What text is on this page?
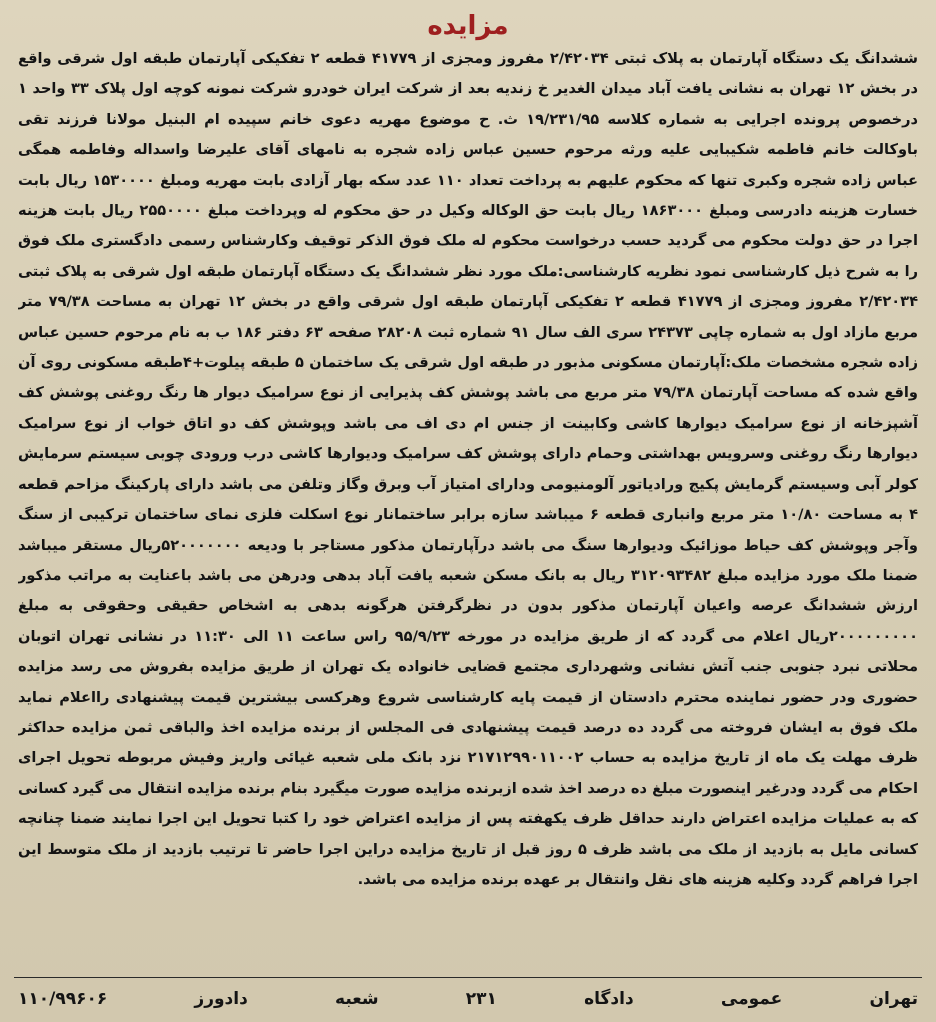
مزایده

ششدانگ یک دستگاه آپارتمان به پلاک ثبتی ۲/۴۲۰۳۴ مفروز ومجزی از ۴۱۷۷۹ قطعه ۲ تفکیکی آپارتمان طبقه اول شرقی واقع در بخش ۱۲ تهران به نشانی یافت آباد میدان الغدیر خ زندیه بعد از شرکت ایران خودرو شرکت نمونه کوچه اول پلاک ۳۳ واحد ۱ درخصوص پرونده اجرایی به شماره کلاسه ۱۹/۲۳۱/۹۵ ث. ح موضوع مهریه دعوی خانم سپیده ام البنیل مولانا فرزند تقی باوکالت خانم فاطمه شکیبایی علیه ورثه مرحوم حسین عباس زاده شجره به نامهای آقای علیرضا واسداله وفاطمه همگی عباس زاده شجره وکبری تنها که محکوم علیهم به پرداخت تعداد ۱۱۰ عدد سکه بهار آزادی بابت مهریه ومبلغ ۱۵۳۰۰۰۰ ریال بابت خسارت هزینه دادرسی ومبلغ ۱۸۶۳۰۰۰ ریال بابت حق الوکاله وکیل در حق محکوم له وپرداخت مبلغ ۲۵۵۰۰۰۰ ریال بابت هزینه اجرا در حق دولت محکوم می گردید حسب درخواست محکوم له ملک فوق الذکر توقیف وکارشناس رسمی دادگستری ملک فوق را به شرح ذیل کارشناسی نمود نظریه کارشناسی:ملک مورد نظر ششدانگ یک دستگاه آپارتمان طبقه اول شرقی به پلاک ثبتی ۲/۴۲۰۳۴ مفروز ومجزی از ۴۱۷۷۹ قطعه ۲ تفکیکی آپارتمان طبقه اول شرقی واقع در بخش ۱۲ تهران به مساحت ۷۹/۳۸ متر مربع مازاد اول به شماره چاپی ۲۴۳۷۳ سری الف سال ۹۱ شماره ثبت ۲۸۲۰۸ صفحه ۶۳ دفتر ۱۸۶ ب به نام مرحوم حسین عباس زاده شجره مشخصات ملک:آپارتمان مسکونی مذبور در طبقه اول شرقی یک ساختمان ۵ طبقه پیلوت+۴طبقه مسکونی روی آن واقع شده که مساحت آپارتمان ۷۹/۳۸ متر مربع می باشد پوشش کف پذیرایی از نوع سرامیک دیوار ها رنگ روغنی پوشش کف آشپزخانه از نوع سرامیک دیوارها کاشی وکابینت از جنس ام دی اف می باشد وپوشش کف دو اتاق خواب از نوع سرامیک دیوارها رنگ روغنی وسرویس بهداشتی وحمام دارای پوشش کف سرامیک ودیوارها کاشی درب ورودی چوبی سیستم سرمایش کولر آبی وسیستم گرمایش پکیج ورادیاتور آلومنیومی ودارای امتیاز آب وبرق وگاز وتلفن می باشد دارای پارکینگ مزاحم قطعه ۴ به مساحت ۱۰/۸۰ متر مربع وانباری قطعه ۶ میباشد سازه برابر ساختمانار نوع اسکلت فلزی نمای ساختمان ترکیبی از سنگ وآجر وپوشش کف حیاط موزائیک ودیوارها سنگ می باشد درآپارتمان مذکور مستاجر با ودیعه ۵۲۰۰۰۰۰۰۰ریال مستقر میباشد ضمنا ملک مورد مزایده مبلغ ۳۱۲۰۹۳۴۸۲ ریال به بانک مسکن شعبه یافت آباد بدهی ودرهن می باشد باعنایت به مراتب مذکور ارزش ششدانگ عرصه واعیان آپارتمان مذکور بدون در نظرگرفتن هرگونه بدهی به اشخاص حقیقی وحقوقی به مبلغ ۲۰۰۰۰۰۰۰۰۰ریال اعلام می گردد که از طریق مزایده در مورخه ۹۵/۹/۲۳ راس ساعت ۱۱ الی ۱۱:۳۰ در نشانی تهران اتوبان محلاتی نبرد جنوبی جنب آتش نشانی وشهرداری مجتمع قضایی خانواده یک تهران از طریق مزایده بفروش می رسد مزایده حضوری ودر حضور نماینده محترم دادستان از قیمت پایه کارشناسی شروع وهرکسی بیشترین قیمت پیشنهادی رااعلام نماید ملک فوق به ایشان فروخته می گردد ده درصد قیمت پیشنهادی فی المجلس از برنده مزایده اخذ والباقی ثمن مزایده حداکثر ظرف مهلت یک ماه از تاریخ مزایده به حساب ۲۱۷۱۲۹۹۰۱۱۰۰۲ نزد بانک ملی شعبه غیائی واریز وفیش مربوطه تحویل اجرای احکام می گردد ودرغیر اینصورت مبلغ ده درصد اخذ شده ازبرنده مزایده صورت میگیرد بنام برنده مزایده انتقال می گیرد کسانی که به عملیات مزایده اعتراض دارند حداقل ظرف یکهفته پس از مزایده اعتراض خود را کتبا تحویل این اجرا نمایند ضمنا چنانچه کسانی مایل به بازدید از ملک می باشد ظرف ۵ روز قبل از تاریخ مزایده دراین اجرا حاضر تا ترتیب بازدید از ملک متوسط این اجرا فراهم گردد وکلیه هزینه های نقل وانتقال بر عهده برنده مزایده می باشد.

تهران
عمومی
دادگاه
۲۳۱
شعبه
دادورز
۱۱۰/۹۹۶۰۶
